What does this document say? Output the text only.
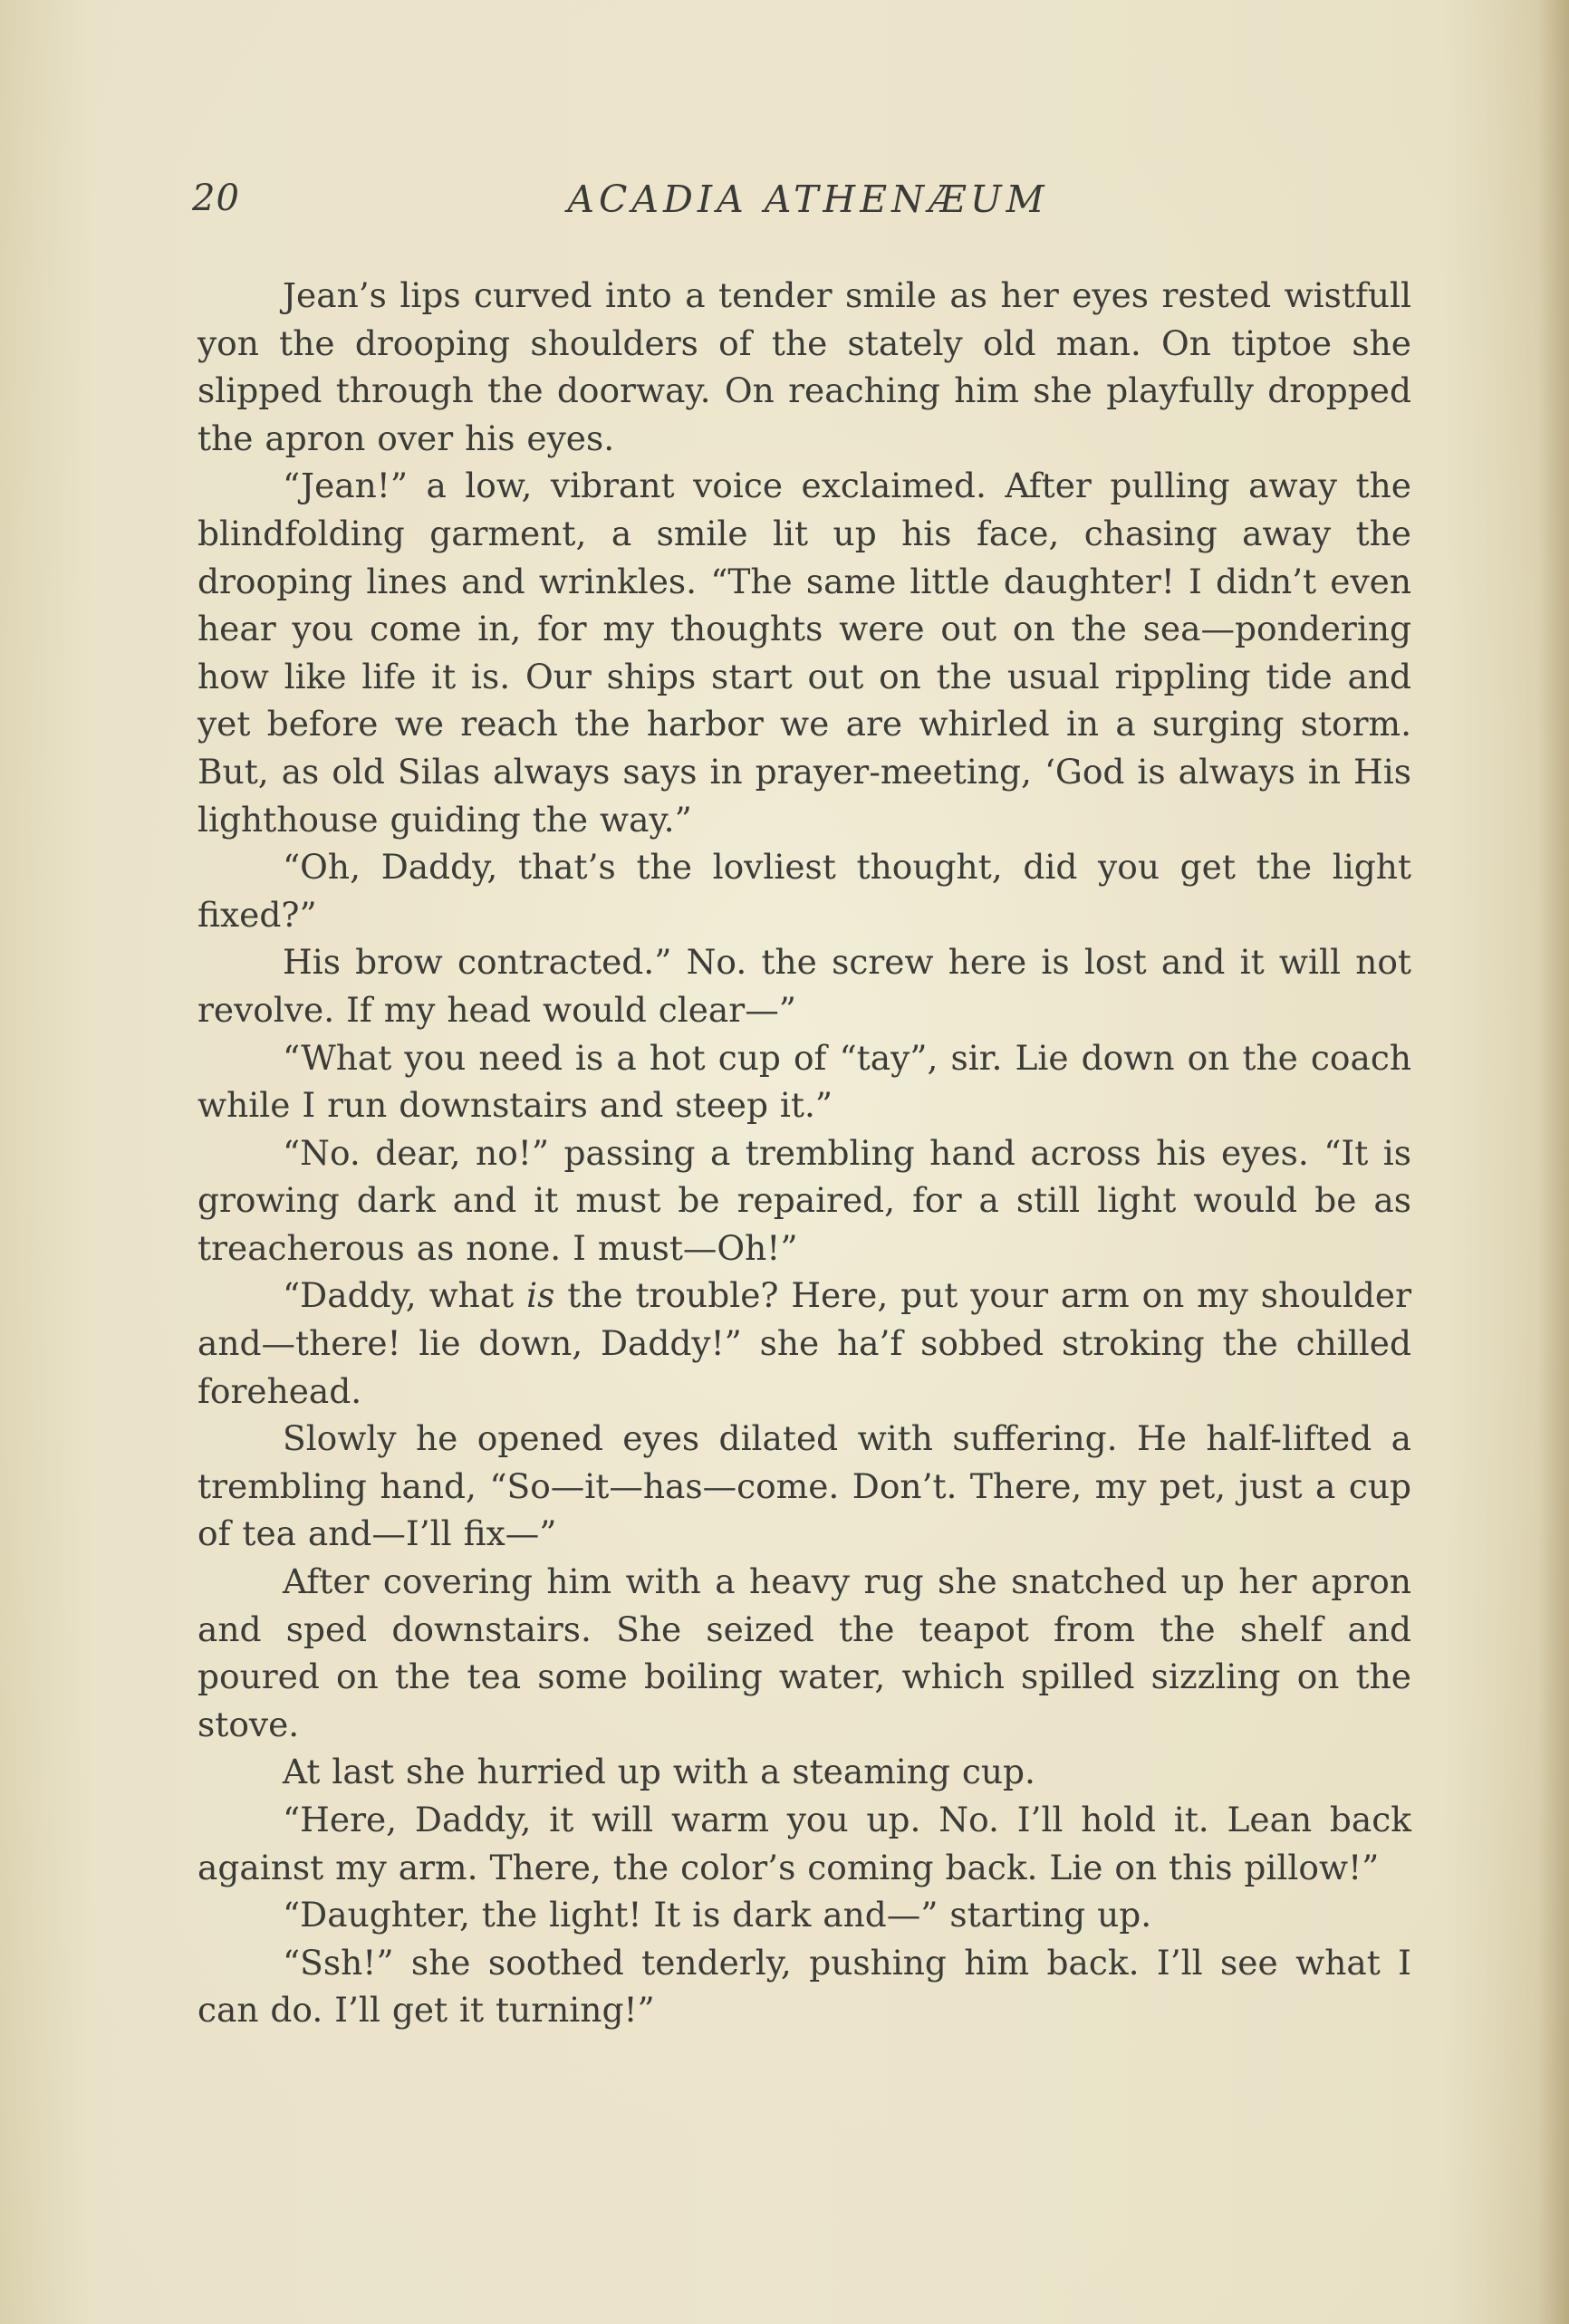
20	ACADIA ATHENÆUM

Jean’s lips curved into a tender smile as her eyes rested wistfull yon the drooping shoulders of the stately old man. On tiptoe she slipped through the doorway. On reaching him she playfully dropped the apron over his eyes.

“Jean!” a low, vibrant voice exclaimed. After pulling away the blindfolding garment, a smile lit up his face, chasing away the drooping lines and wrinkles. “The same little daughter! I didn’t even hear you come in, for my thoughts were out on the sea—pondering how like life it is. Our ships start out on the usual rippling tide and yet before we reach the harbor we are whirled in a surging storm. But, as old Silas always says in prayer-meeting, ‘God is always in His lighthouse guiding the way.”

“Oh, Daddy, that’s the lovliest thought, did you get the light fixed?”

His brow contracted.” No. the screw here is lost and it will not revolve. If my head would clear—”

“What you need is a hot cup of “tay”, sir. Lie down on the coach while I run downstairs and steep it.”

“No. dear, no!” passing a trembling hand across his eyes. “It is growing dark and it must be repaired, for a still light would be as treacherous as none. I must—Oh!”

“Daddy, what is the trouble? Here, put your arm on my shoulder and—there! lie down, Daddy!” she ha’f sobbed stroking the chilled forehead.

Slowly he opened eyes dilated with suffering. He half-lifted a trembling hand, “So—it—has—come. Don’t. There, my pet, just a cup of tea and—I’ll fix—”

After covering him with a heavy rug she snatched up her apron and sped downstairs. She seized the teapot from the shelf and poured on the tea some boiling water, which spilled sizzling on the stove.

At last she hurried up with a steaming cup.

“Here, Daddy, it will warm you up. No. I’ll hold it. Lean back against my arm. There, the color’s coming back. Lie on this pillow!”

“Daughter, the light! It is dark and—” starting up.

“Ssh!” she soothed tenderly, pushing him back. I’ll see what I can do. I’ll get it turning!”
